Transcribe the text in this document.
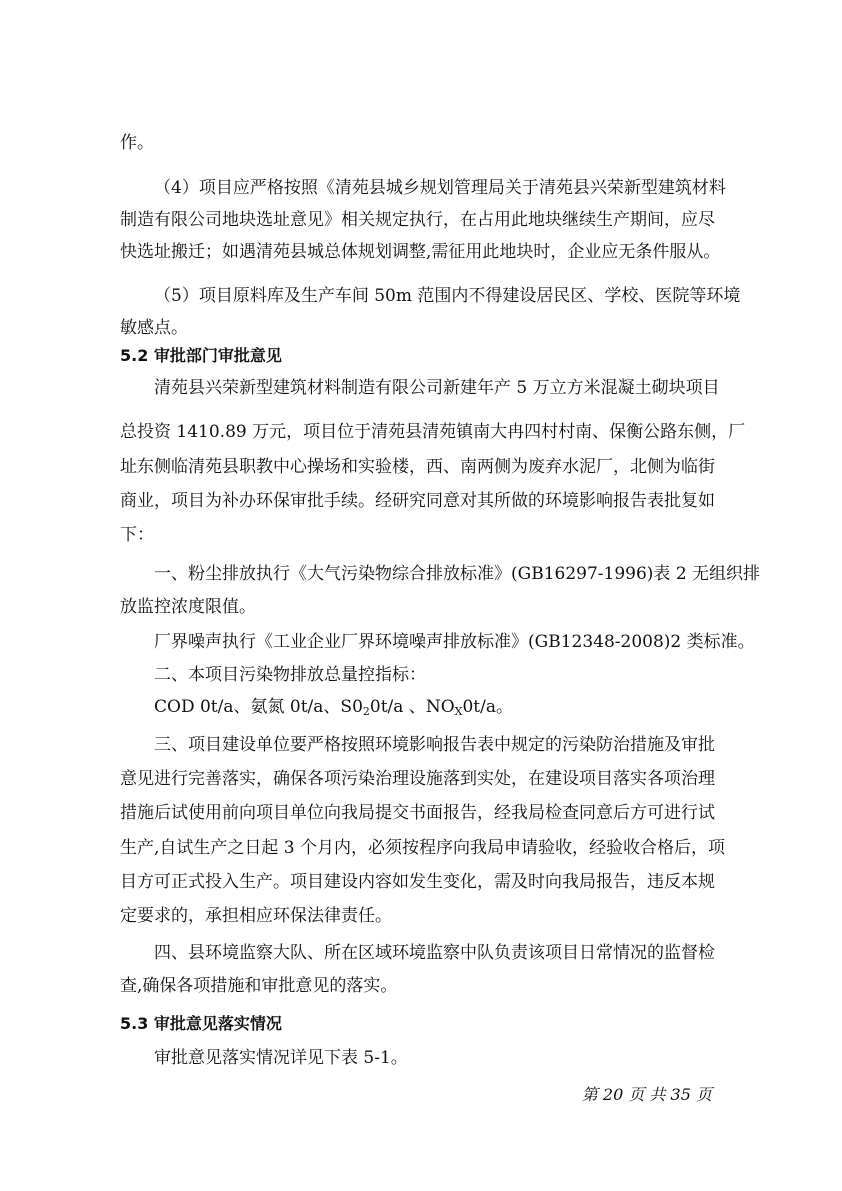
作。
（4）项目应严格按照《清苑县城乡规划管理局关于清苑县兴荣新型建筑材料
制造有限公司地块选址意见》相关规定执行，在占用此地块继续生产期间，应尽
快选址搬迁；如遇清苑县城总体规划调整,需征用此地块时，企业应无条件服从。
（5）项目原料库及生产车间 50m 范围内不得建设居民区、学校、医院等环境
敏感点。
5.2 审批部门审批意见
清苑县兴荣新型建筑材料制造有限公司新建年产 5 万立方米混凝土砌块项目
总投资 1410.89 万元，项目位于清苑县清苑镇南大冉四村村南、保衡公路东侧，厂
址东侧临清苑县职教中心操场和实验楼，西、南两侧为废弃水泥厂，北侧为临街
商业，项目为补办环保审批手续。经研究同意对其所做的环境影响报告表批复如
下：
一、粉尘排放执行《大气污染物综合排放标准》(GB16297-1996)表 2 无组织排
放监控浓度限值。
厂界噪声执行《工业企业厂界环境噪声排放标准》(GB12348-2008)2 类标准。
二、本项目污染物排放总量控指标：
COD 0t/a、氨氮 0t/a、$S0_20t/a$ 、$NO_X0t/a$。
三、项目建设单位要严格按照环境影响报告表中规定的污染防治措施及审批
意见进行完善落实，确保各项污染治理设施落到实处，在建设项目落实各项治理
措施后试使用前向项目单位向我局提交书面报告，经我局检查同意后方可进行试
生产,自试生产之日起 3 个月内，必须按程序向我局申请验收，经验收合格后，项
目方可正式投入生产。项目建设内容如发生变化，需及时向我局报告，违反本规
定要求的，承担相应环保法律责任。
四、县环境监察大队、所在区域环境监察中队负责该项目日常情况的监督检
查,确保各项措施和审批意见的落实。
5.3 审批意见落实情况
审批意见落实情况详见下表 5-1。
第 20 页 共 35 页
